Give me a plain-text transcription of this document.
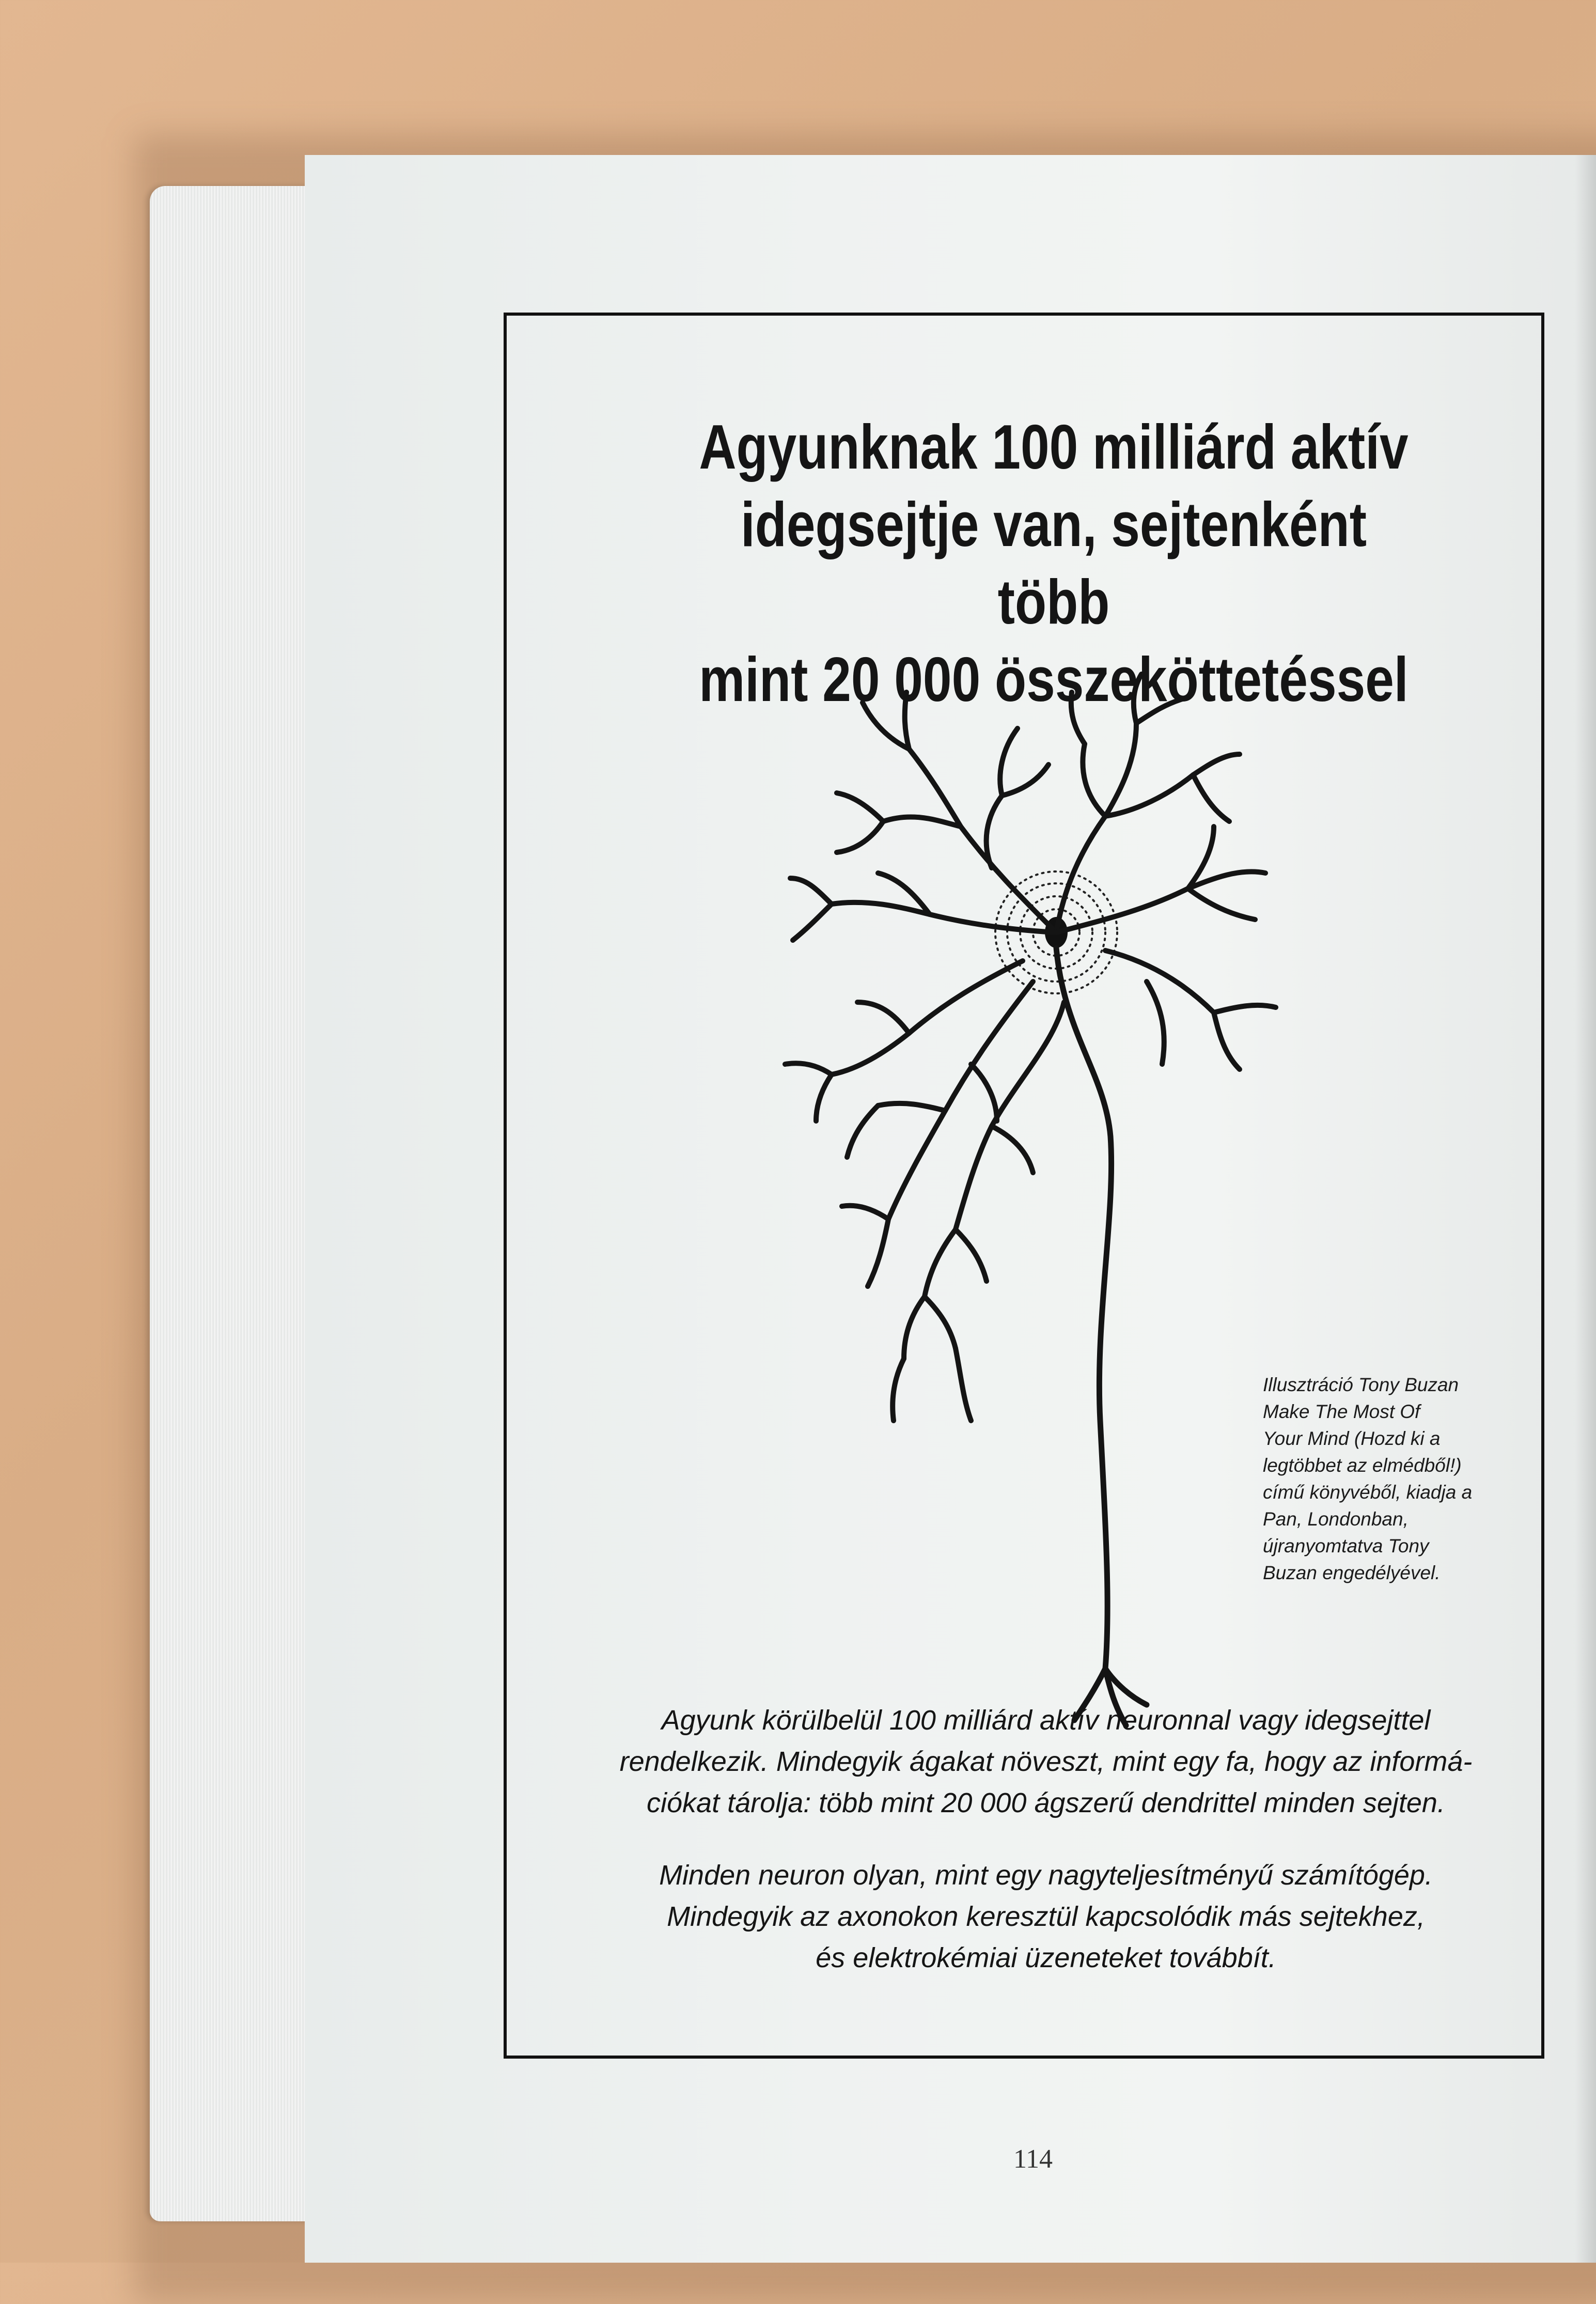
Agyunknak 100 milliárd aktív
idegsejtje van, sejtenként több
mint 20 000 összeköttetéssel
Illusztráció Tony Buzan
Make The Most Of
Your Mind (Hozd ki a
legtöbbet az elmédből!)
című könyvéből, kiadja a
Pan, Londonban,
újranyomtatva Tony
Buzan engedélyével.
Agyunk körülbelül 100 milliárd aktív neuronnal vagy idegsejttel
rendelkezik. Mindegyik ágakat növeszt, mint egy fa, hogy az informá-
ciókat tárolja: több mint 20 000 ágszerű dendrittel minden sejten.
Minden neuron olyan, mint egy nagyteljesítményű számítógép.
Mindegyik az axonokon keresztül kapcsolódik más sejtekhez,
és elektrokémiai üzeneteket továbbít.
114
